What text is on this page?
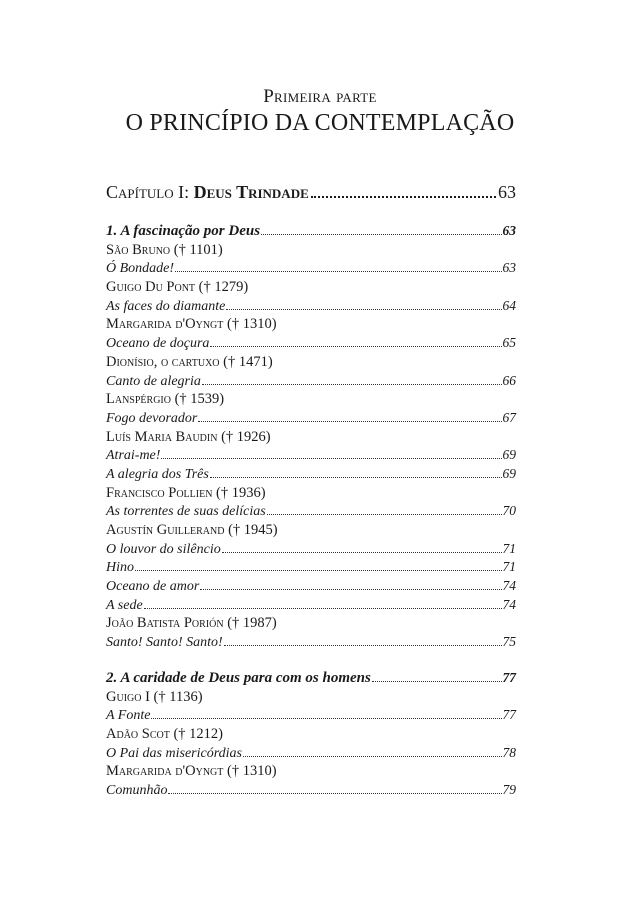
Primeira parte
O PRINCÍPIO DA CONTEMPLAÇÃO
Capítulo I: Deus Trindade	63
1. A fascinação por Deus	63
São Bruno († 1101)
Ó Bondade!	63
Guigo Du Pont († 1279)
As faces do diamante	64
Margarida d'Oyngt († 1310)
Oceano de doçura	65
Dionísio, o cartuxo († 1471)
Canto de alegria	66
Lanspérgio († 1539)
Fogo devorador	67
Luís Maria Baudin († 1926)
Atrai-me!	69
A alegria dos Três	69
Francisco Pollien († 1936)
As torrentes de suas delícias	70
Agustín Guillerand († 1945)
O louvor do silêncio	71
Hino	71
Oceano de amor	74
A sede	74
João Batista Porión († 1987)
Santo! Santo! Santo!	75
2. A caridade de Deus para com os homens	77
Guigo I († 1136)
A Fonte	77
Adão Scot († 1212)
O Pai das misericórdias	78
Margarida d'Oyngt († 1310)
Comunhão	79
